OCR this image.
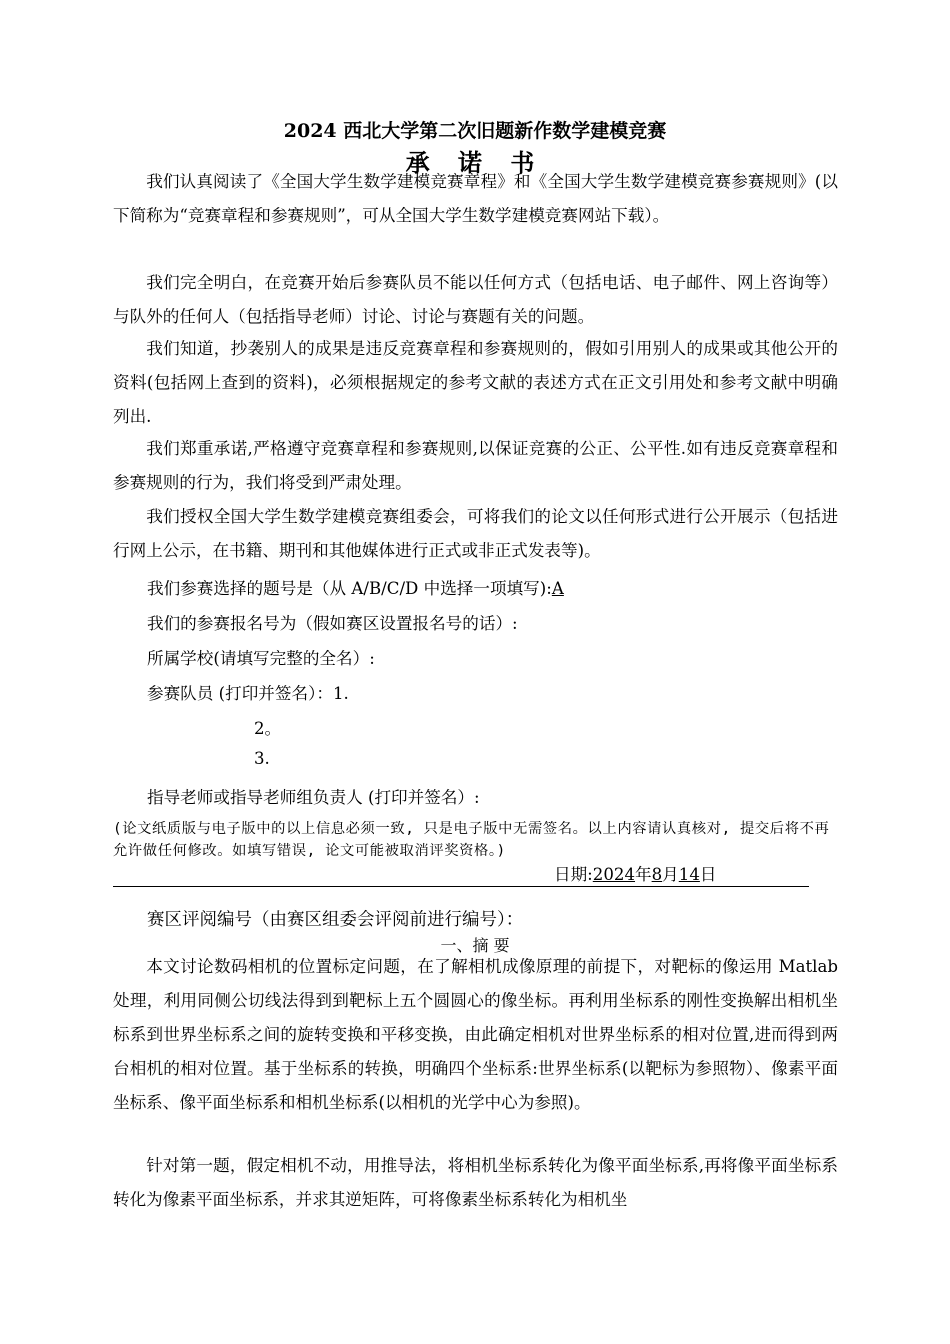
2024 西北大学第二次旧题新作数学建模竞赛
承 诺 书
我们认真阅读了《全国大学生数学建模竞赛章程》和《全国大学生数学建模竞赛参赛规则》(以下简称为“竞赛章程和参赛规则”，可从全国大学生数学建模竞赛网站下载）。
我们完全明白，在竞赛开始后参赛队员不能以任何方式（包括电话、电子邮件、网上咨询等）与队外的任何人（包括指导老师）讨论、讨论与赛题有关的问题。
我们知道，抄袭别人的成果是违反竞赛章程和参赛规则的，假如引用别人的成果或其他公开的资料(包括网上查到的资料)，必须根据规定的参考文献的表述方式在正文引用处和参考文献中明确列出.
我们郑重承诺,严格遵守竞赛章程和参赛规则,以保证竞赛的公正、公平性.如有违反竞赛章程和参赛规则的行为，我们将受到严肃处理。
我们授权全国大学生数学建模竞赛组委会，可将我们的论文以任何形式进行公开展示（包括进行网上公示，在书籍、期刊和其他媒体进行正式或非正式发表等)。
我们参赛选择的题号是（从 A/B/C/D 中选择一项填写):A
我们的参赛报名号为（假如赛区设置报名号的话）:
所属学校(请填写完整的全名）:
参赛队员 (打印并签名）：1.
2。
3.
指导老师或指导老师组负责人 (打印并签名）:
(论文纸质版与电子版中的以上信息必须一致, 只是电子版中无需签名。以上内容请认真核对, 提交后将不再允许做任何修改。如填写错误, 论文可能被取消评奖资格。)
日期:2024年8月14日
赛区评阅编号（由赛区组委会评阅前进行编号）：
一、摘 要
本文讨论数码相机的位置标定问题，在了解相机成像原理的前提下，对靶标的像运用 Matlab 处理，利用同侧公切线法得到到靶标上五个圆圆心的像坐标。再利用坐标系的刚性变换解出相机坐标系到世界坐标系之间的旋转变换和平移变换，由此确定相机对世界坐标系的相对位置,进而得到两台相机的相对位置。基于坐标系的转换，明确四个坐标系:世界坐标系(以靶标为参照物）、像素平面坐标系、像平面坐标系和相机坐标系(以相机的光学中心为参照)。
针对第一题，假定相机不动，用推导法，将相机坐标系转化为像平面坐标系,再将像平面坐标系转化为像素平面坐标系，并求其逆矩阵，可将像素坐标系转化为相机坐
